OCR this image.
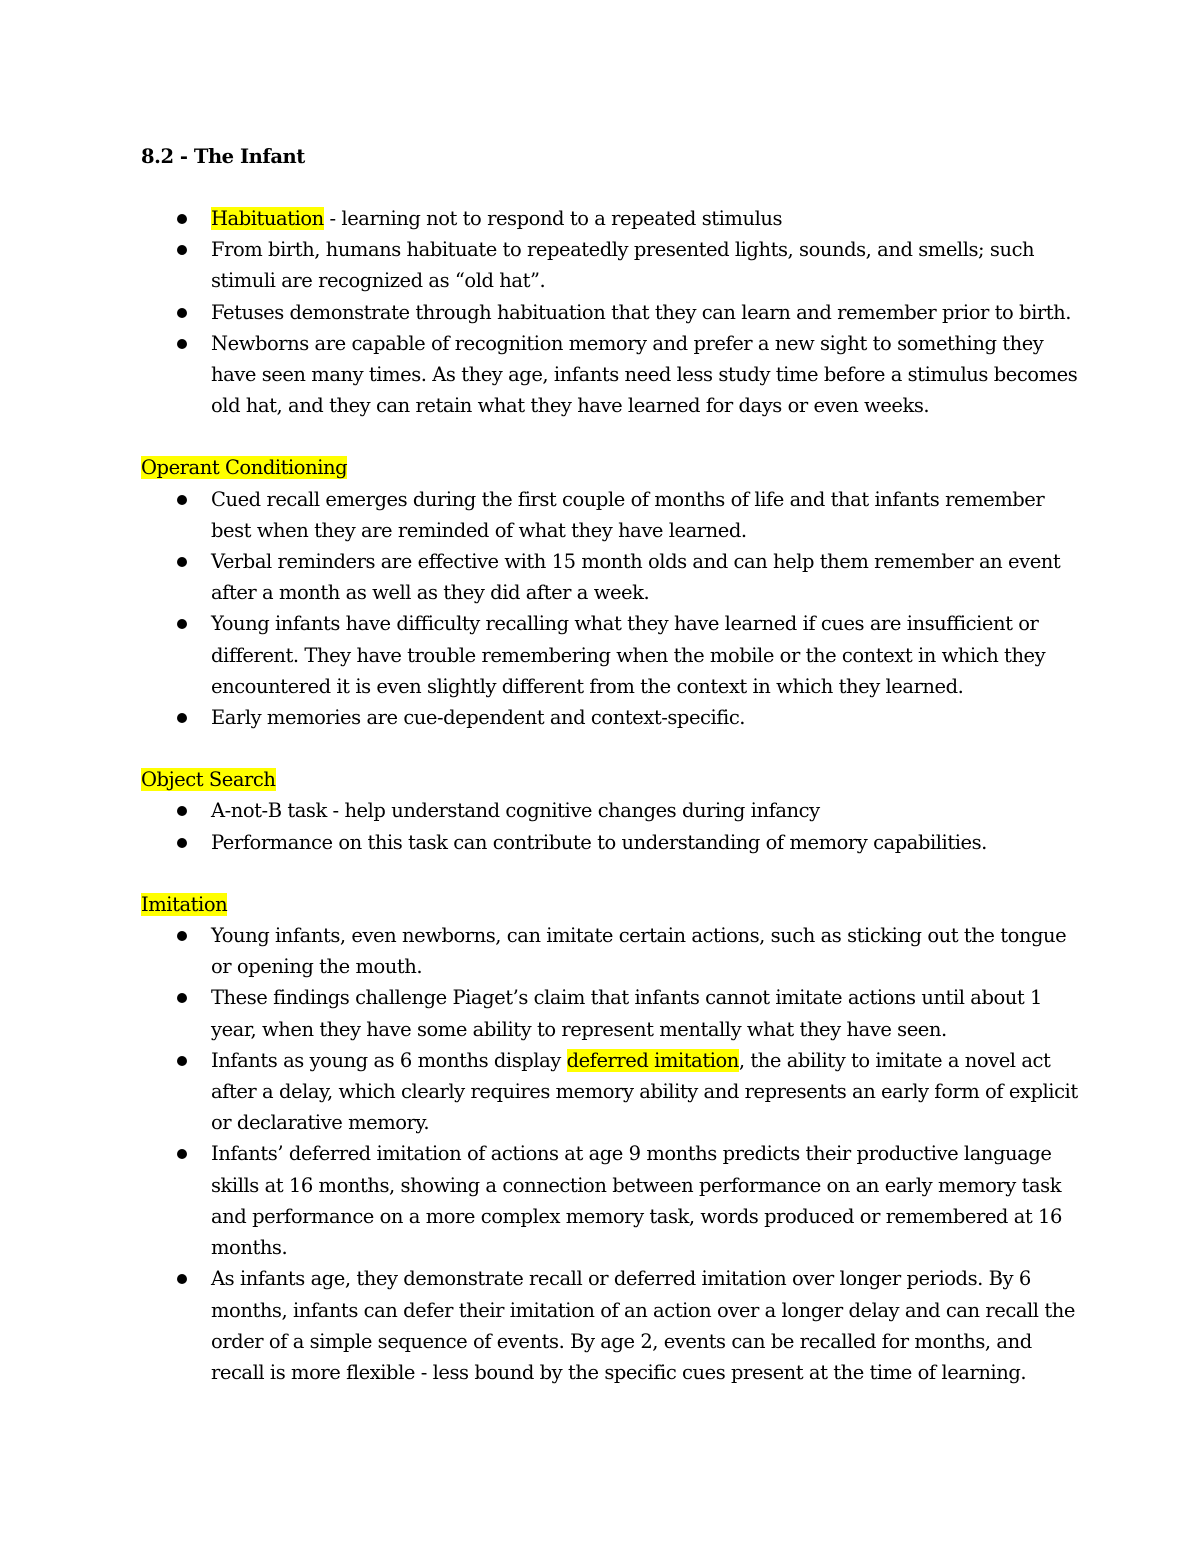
8.2 - The Infant
Habituation - learning not to respond to a repeated stimulus
From birth, humans habituate to repeatedly presented lights, sounds, and smells; such stimuli are recognized as “old hat”.
Fetuses demonstrate through habituation that they can learn and remember prior to birth.
Newborns are capable of recognition memory and prefer a new sight to something they have seen many times. As they age, infants need less study time before a stimulus becomes old hat, and they can retain what they have learned for days or even weeks.
Operant Conditioning
Cued recall emerges during the first couple of months of life and that infants remember best when they are reminded of what they have learned.
Verbal reminders are effective with 15 month olds and can help them remember an event after a month as well as they did after a week.
Young infants have difficulty recalling what they have learned if cues are insufficient or different. They have trouble remembering when the mobile or the context in which they encountered it is even slightly different from the context in which they learned.
Early memories are cue-dependent and context-specific.
Object Search
A-not-B task - help understand cognitive changes during infancy
Performance on this task can contribute to understanding of memory capabilities.
Imitation
Young infants, even newborns, can imitate certain actions, such as sticking out the tongue or opening the mouth.
These findings challenge Piaget’s claim that infants cannot imitate actions until about 1 year, when they have some ability to represent mentally what they have seen.
Infants as young as 6 months display deferred imitation, the ability to imitate a novel act after a delay, which clearly requires memory ability and represents an early form of explicit or declarative memory.
Infants’ deferred imitation of actions at age 9 months predicts their productive language skills at 16 months, showing a connection between performance on an early memory task and performance on a more complex memory task, words produced or remembered at 16 months.
As infants age, they demonstrate recall or deferred imitation over longer periods. By 6 months, infants can defer their imitation of an action over a longer delay and can recall the order of a simple sequence of events. By age 2, events can be recalled for months, and recall is more flexible - less bound by the specific cues present at the time of learning.
